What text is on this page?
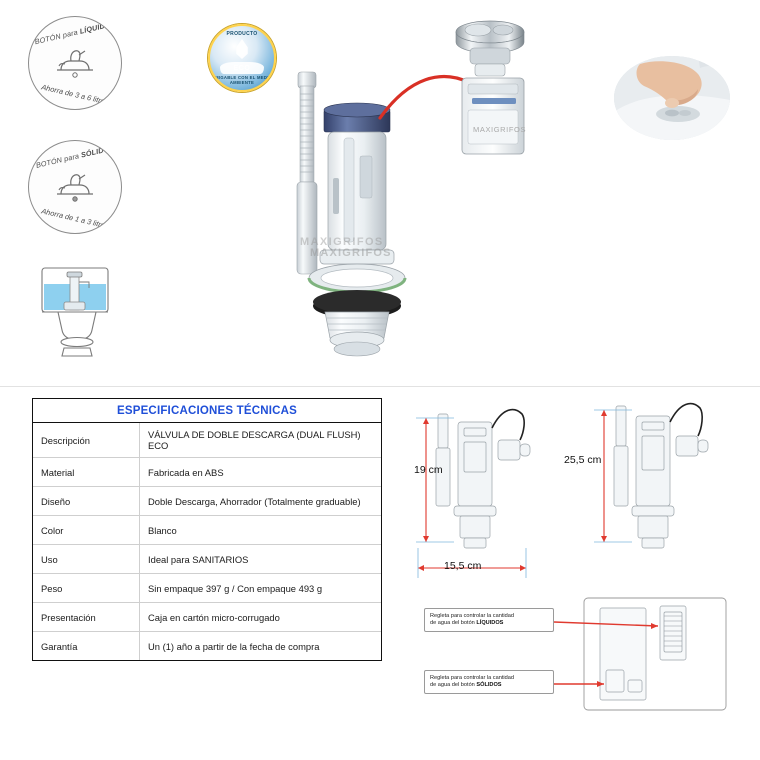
BOTÓN para LÍQUIDOS
Ahorra de 3 a 6 litros
BOTÓN para SÓLIDOS
Ahorra de 1 a 3 litros
PRODUCTO
ECO
AMIGABLE CON EL MEDIO AMBIENTE
MAXIGRIFOS
MAXIGRIFOS
MAXIGRIFOS
ESPECIFICACIONES TÉCNICAS
Descripción	VÁLVULA DE DOBLE DESCARGA (DUAL FLUSH) ECO
Material	Fabricada en ABS
Diseño	Doble Descarga, Ahorrador (Totalmente graduable)
Color	Blanco
Uso	Ideal para SANITARIOS
Peso	Sin empaque 397 g / Con empaque 493 g
Presentación	Caja en cartón micro-corrugado
Garantía	Un (1) año a partir de la fecha de compra
19 cm
25,5 cm
15,5 cm
Regleta para controlar la cantidad
de agua del botón LÍQUIDOS
Regleta para controlar la cantidad
de agua del botón SÓLIDOS
